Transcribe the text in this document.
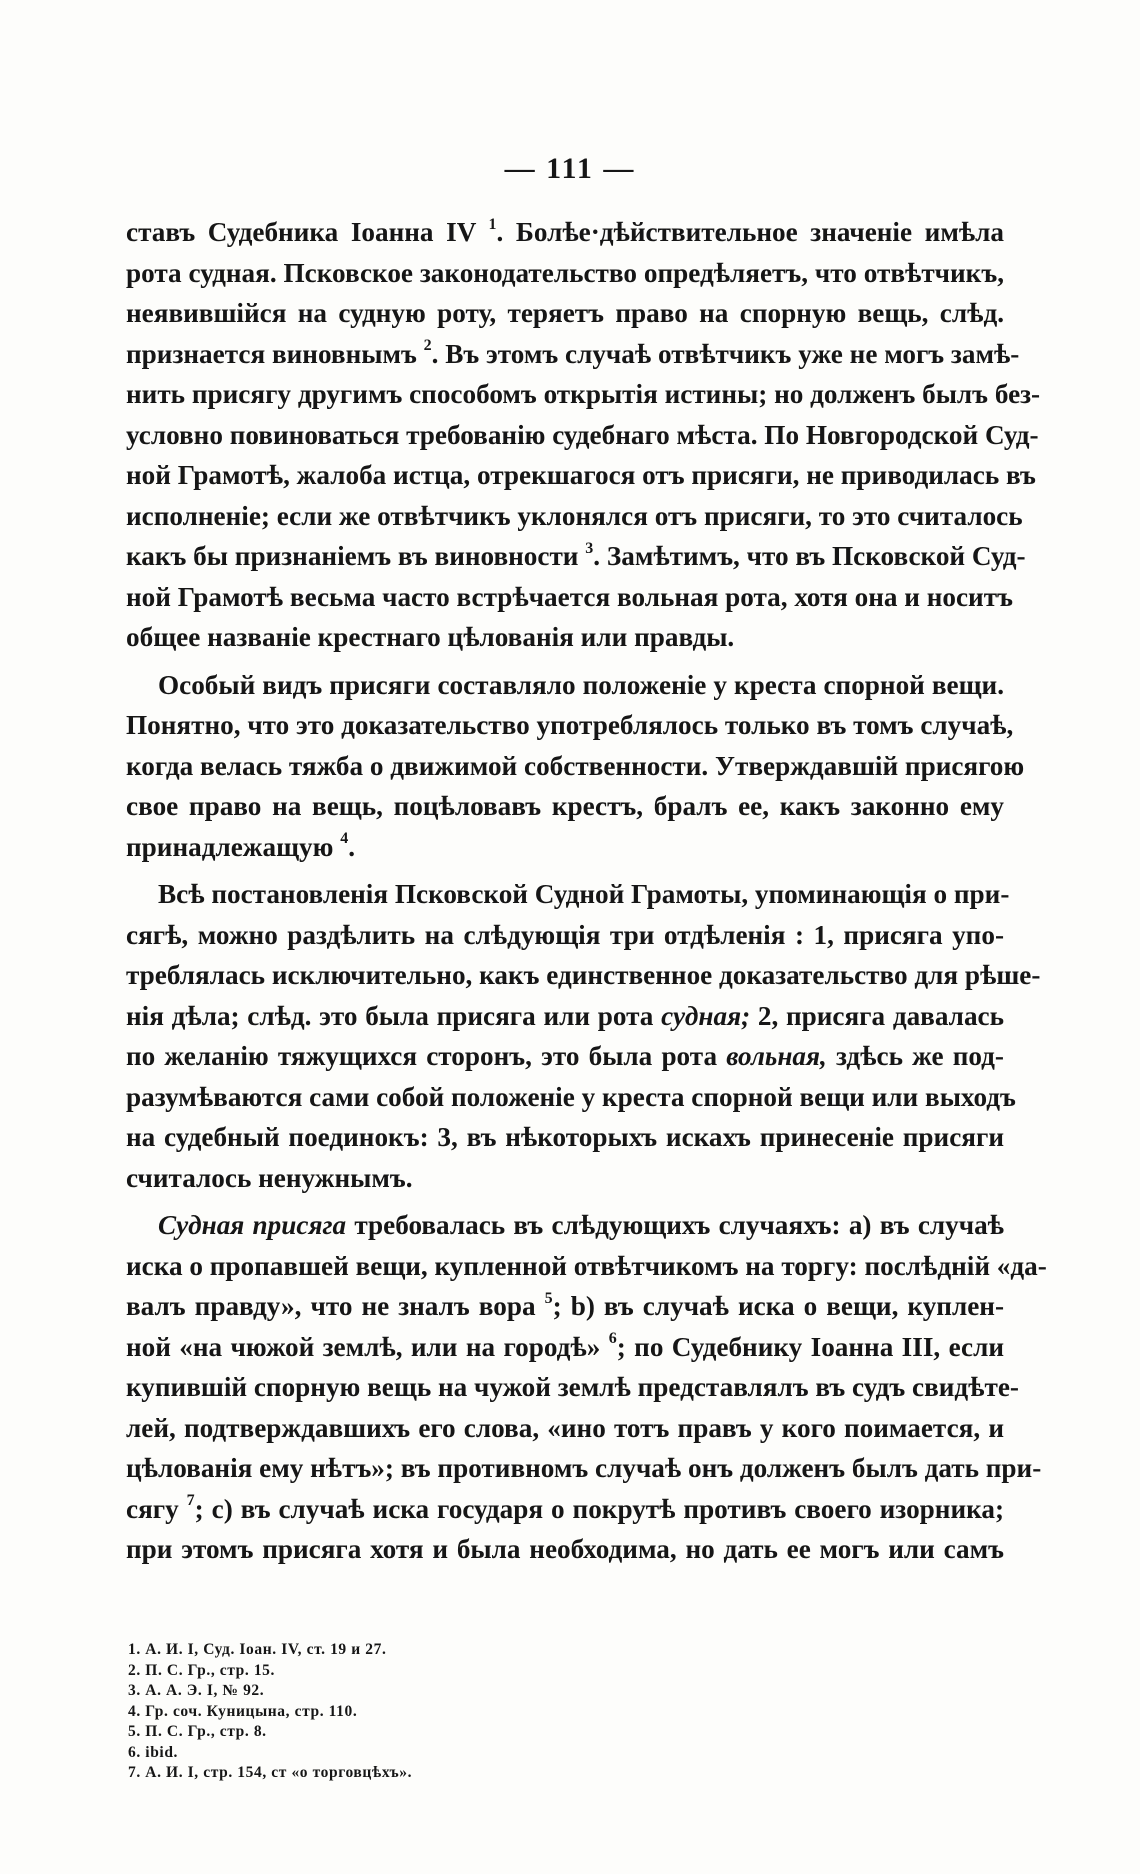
— 111 —
ставъ Судебника Іоанна IV $^1$. Болѣе·дѣйствительное значеніе имѣла
рота судная. Псковское законодательство опредѣляетъ, что отвѣтчикъ,
неявившійся на судную роту, теряетъ право на спорную вещь, слѣд.
признается виновнымъ $^2$. Въ этомъ случаѣ отвѣтчикъ уже не могъ замѣ-
нить присягу другимъ способомъ открытія истины; но долженъ былъ без-
условно повиноваться требованію судебнаго мѣста. По Новгородской Суд-
ной Грамотѣ, жалоба истца, отрекшагося отъ присяги, не приводилась въ
исполненіе; если же отвѣтчикъ уклонялся отъ присяги, то это считалось
какъ бы признаніемъ въ виновности $^3$. Замѣтимъ, что въ Псковской Суд-
ной Грамотѣ весьма часто встрѣчается вольная рота, хотя она и носитъ
общее названіе крестнаго цѣлованія или правды.
Особый видъ присяги составляло положеніе у креста спорной вещи.
Понятно, что это доказательство употреблялось только въ томъ случаѣ,
когда велась тяжба о движимой собственности. Утверждавшій присягою
свое право на вещь, поцѣловавъ крестъ, бралъ ее, какъ законно ему
принадлежащую $^4$.
Всѣ постановленія Псковской Судной Грамоты, упоминающія о при-
сягѣ, можно раздѣлить на слѣдующія три отдѣленія : 1, присяга упо-
треблялась исключительно, какъ единственное доказательство для рѣше-
нія дѣла; слѣд. это была присяга или рота судная; 2, присяга давалась
по желанію тяжущихся сторонъ, это была рота вольная, здѣсь же под-
разумѣваются сами собой положеніе у креста спорной вещи или выходъ
на судебный поединокъ: 3, въ нѣкоторыхъ искахъ принесеніе присяги
считалось ненужнымъ.
Судная присяга требовалась въ слѣдующихъ случаяхъ: a) въ случаѣ
иска о пропавшей вещи, купленной отвѣтчикомъ на торгу: послѣдній «да-
валъ правду», что не зналъ вора $^5$; b) въ случаѣ иска о вещи, куплен-
ной «на чюжой землѣ, или на городѣ» $^6$; по Судебнику Іоанна III, если
купившій спорную вещь на чужой землѣ представлялъ въ судъ свидѣте-
лей, подтверждавшихъ его слова, «ино тотъ правъ у кого поимается, и
цѣлованія ему нѣтъ»; въ противномъ случаѣ онъ долженъ былъ дать при-
сягу $^7$; c) въ случаѣ иска государя о покрутѣ противъ своего изорника;
при этомъ присяга хотя и была необходима, но дать ее могъ или самъ
1. А. И. I, Суд. Іоан. IV, ст. 19 и 27.
2. П. С. Гр., стр. 15.
3. А. А. Э. I, № 92.
4. Гр. соч. Куницына, стр. 110.
5. П. С. Гр., стр. 8.
6. ibid.
7. А. И. I, стр. 154, ст «о торговцѣхъ».
